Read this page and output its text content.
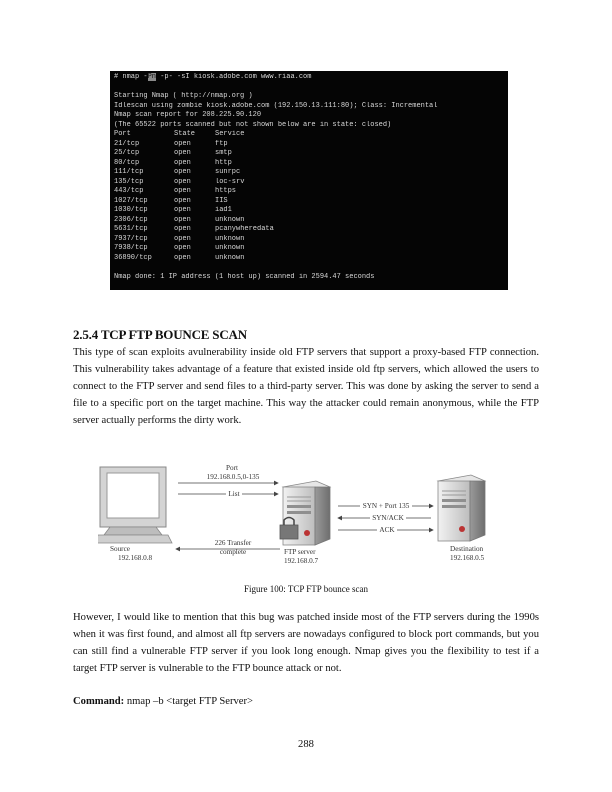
# nmap -Pn -p- -sI kiosk.adobe.com www.riaa.com
Starting Nmap ( http://nmap.org )
Idlescan using zombie kiosk.adobe.com (192.150.13.111:80); Class: Incremental
Nmap scan report for 208.225.90.120
(The 65522 ports scanned but not shown below are in state: closed)
Port	State	Service
21/tcp	open	ftp
25/tcp	open	smtp
80/tcp	open	http
111/tcp	open	sunrpc
135/tcp	open	loc-srv
443/tcp	open	https
1027/tcp	open	IIS
1030/tcp	open	iad1
2306/tcp	open	unknown
5631/tcp	open	pcanywheredata
7937/tcp	open	unknown
7938/tcp	open	unknown
36890/tcp	open	unknown
Nmap done: 1 IP address (1 host up) scanned in 2594.47 seconds
2.5.4 TCP FTP BOUNCE SCAN
This type of scan exploits avulnerability inside old FTP servers that support a proxy-based FTP connection. This vulnerability takes advantage of a feature that existed inside old ftp servers, which allowed the users to connect to the FTP server and send files to a third-party server. This was done by asking the server to send a file to a specific port on the target machine. This way the attacker could remain anonymous, while the FTP server actually performs the dirty work.
Port
192.168.0.5,0-135
List
SYN + Port 135
SYN/ACK
ACK
226 Transfer
complete
Source
192.168.0.8
FTP server
192.168.0.7
Destination
192.168.0.5
Figure 100: TCP FTP bounce scan
However, I would like to mention that this bug was patched inside most of the FTP servers during the 1990s when it was first found, and almost all ftp servers are nowadays configured to block port commands, but you can still find a vulnerable FTP server if you look long enough. Nmap gives you the flexibility to test if a target FTP server is vulnerable to the FTP bounce attack or not.
Command: nmap –b <target FTP Server>
288
